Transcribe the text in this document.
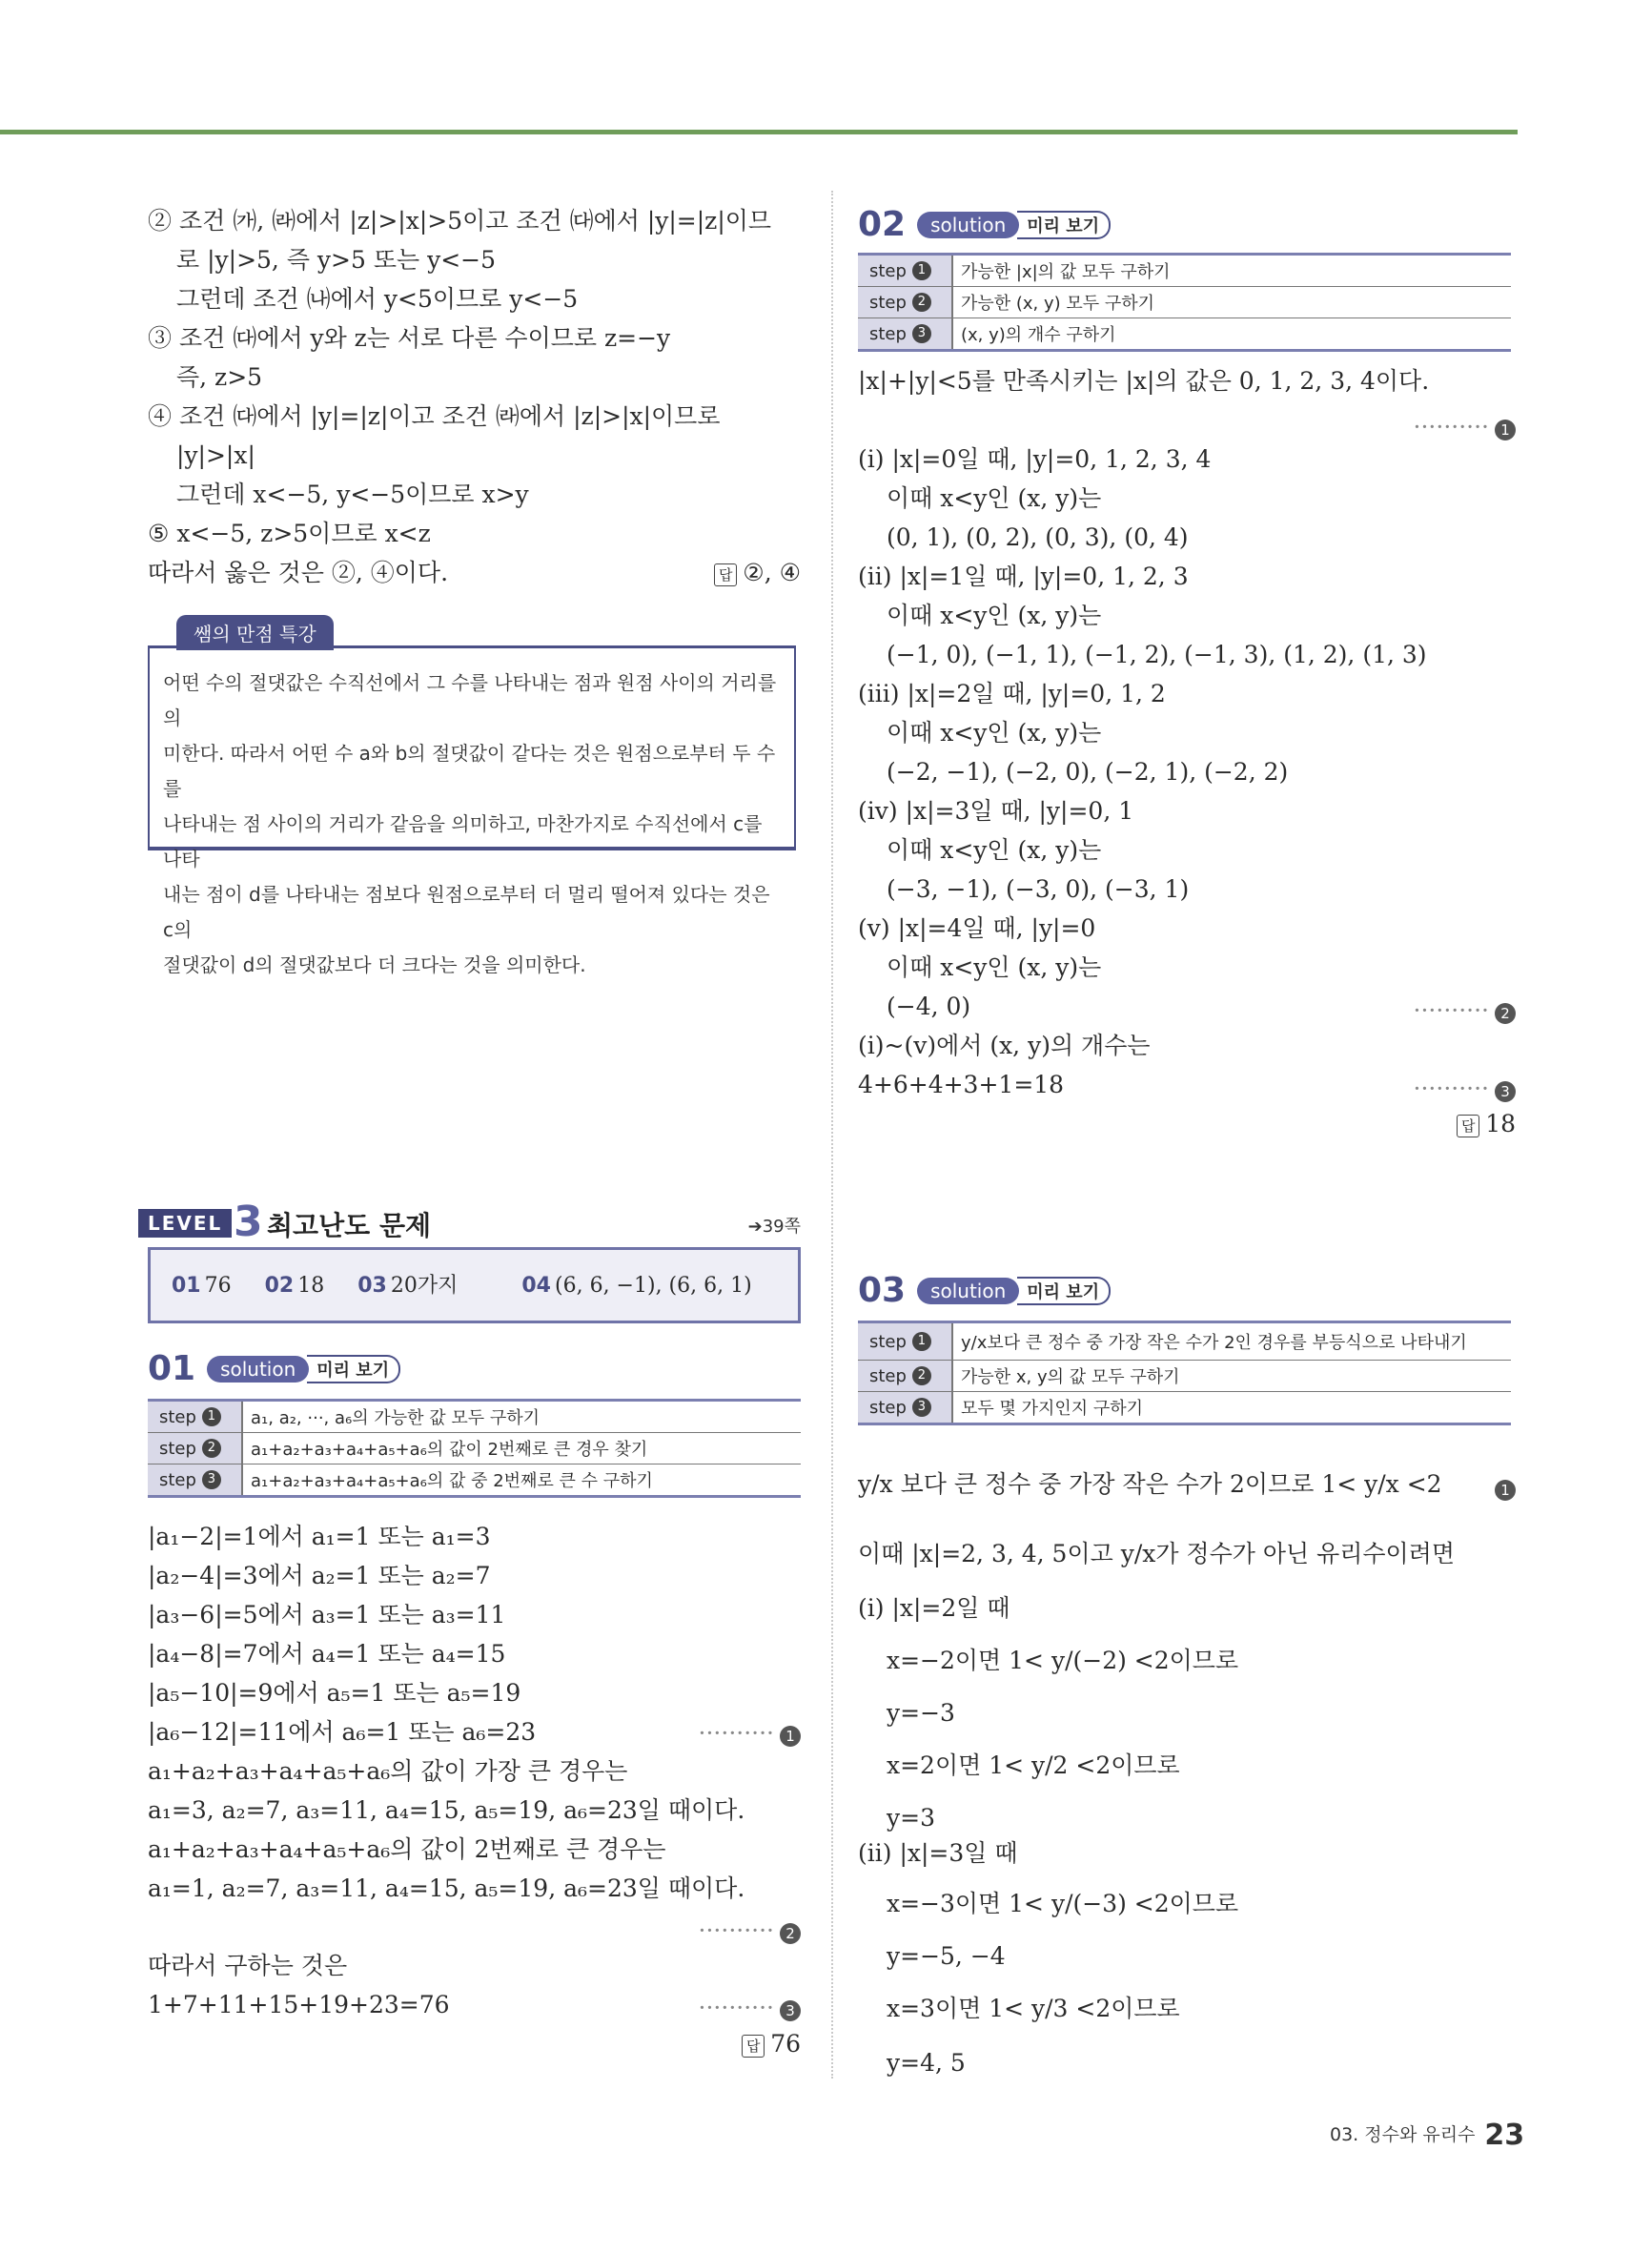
② 조건 ㈎, ㈑에서 |z|>|x|>5이고 조건 ㈐에서 |y|=|z|이므
로 |y|>5, 즉 y>5 또는 y<−5
그런데 조건 ㈏에서 y<5이므로 y<−5
③ 조건 ㈐에서 y와 z는 서로 다른 수이므로 z=−y
즉, z>5
④ 조건 ㈐에서 |y|=|z|이고 조건 ㈑에서 |z|>|x|이므로
|y|>|x|
그런데 x<−5, y<−5이므로 x>y
⑤ x<−5, z>5이므로 x<z
따라서 옳은 것은 ②, ④이다.	답 ②, ④
쌤의 만점 특강
어떤 수의 절댓값은 수직선에서 그 수를 나타내는 점과 원점 사이의 거리를 의
미한다. 따라서 어떤 수 a와 b의 절댓값이 같다는 것은 원점으로부터 두 수를
나타내는 점 사이의 거리가 같음을 의미하고, 마찬가지로 수직선에서 c를 나타
내는 점이 d를 나타내는 점보다 원점으로부터 더 멀리 떨어져 있다는 것은 c의
절댓값이 d의 절댓값보다 더 크다는 것을 의미한다.
LEVEL 3 최고난도 문제	➔39쪽
01 76 02 18 03 20가지	04 (6, 6, −1), (6, 6, 1)
01 solution 미리 보기
step 1	a₁, a₂, ···, a₆의 가능한 값 모두 구하기
step 2	a₁+a₂+a₃+a₄+a₅+a₆의 값이 2번째로 큰 경우 찾기
step 3	a₁+a₂+a₃+a₄+a₅+a₆의 값 중 2번째로 큰 수 구하기
|a₁−2|=1에서 a₁=1 또는 a₁=3
|a₂−4|=3에서 a₂=1 또는 a₂=7
|a₃−6|=5에서 a₃=1 또는 a₃=11
|a₄−8|=7에서 a₄=1 또는 a₄=15
|a₅−10|=9에서 a₅=1 또는 a₅=19
|a₆−12|=11에서 a₆=1 또는 a₆=23	·········· 1
a₁+a₂+a₃+a₄+a₅+a₆의 값이 가장 큰 경우는
a₁=3, a₂=7, a₃=11, a₄=15, a₅=19, a₆=23일 때이다.
a₁+a₂+a₃+a₄+a₅+a₆의 값이 2번째로 큰 경우는
a₁=1, a₂=7, a₃=11, a₄=15, a₅=19, a₆=23일 때이다.
·········· 2
따라서 구하는 것은
1+7+11+15+19+23=76	·········· 3
답 76
02 solution 미리 보기
step 1	가능한 |x|의 값 모두 구하기
step 2	가능한 (x, y) 모두 구하기
step 3	(x, y)의 개수 구하기
|x|+|y|<5를 만족시키는 |x|의 값은 0, 1, 2, 3, 4이다.
·········· 1
(i) |x|=0일 때, |y|=0, 1, 2, 3, 4
이때 x<y인 (x, y)는
(0, 1), (0, 2), (0, 3), (0, 4)
(ii) |x|=1일 때, |y|=0, 1, 2, 3
이때 x<y인 (x, y)는
(−1, 0), (−1, 1), (−1, 2), (−1, 3), (1, 2), (1, 3)
(iii) |x|=2일 때, |y|=0, 1, 2
이때 x<y인 (x, y)는
(−2, −1), (−2, 0), (−2, 1), (−2, 2)
(iv) |x|=3일 때, |y|=0, 1
이때 x<y인 (x, y)는
(−3, −1), (−3, 0), (−3, 1)
(v) |x|=4일 때, |y|=0
이때 x<y인 (x, y)는
(−4, 0)	·········· 2
(i)~(v)에서 (x, y)의 개수는
4+6+4+3+1=18	·········· 3
답 18
03 solution 미리 보기
step 1	y/x보다 큰 정수 중 가장 작은 수가 2인 경우를 부등식으로 나타내기
step 2	가능한 x, y의 값 모두 구하기
step 3	모두 몇 가지인지 구하기
y/x 보다 큰 정수 중 가장 작은 수가 2이므로 1< y/x <2	1
이때 |x|=2, 3, 4, 5이고 y/x가 정수가 아닌 유리수이려면
(i) |x|=2일 때
x=−2이면 1< y/(−2) <2이므로
y=−3
x=2이면 1< y/2 <2이므로
y=3
(ii) |x|=3일 때
x=−3이면 1< y/(−3) <2이므로
y=−5, −4
x=3이면 1< y/3 <2이므로
y=4, 5
03. 정수와 유리수 23
